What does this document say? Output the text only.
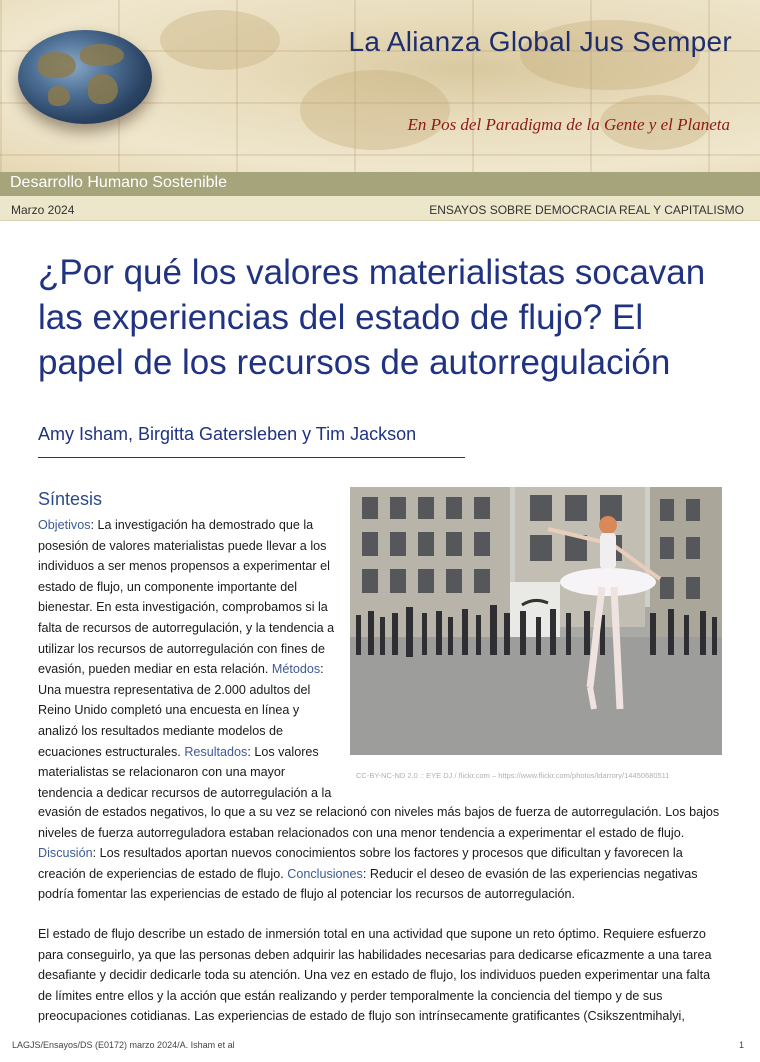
La Alianza Global Jus Semper
En Pos del Paradigma de la Gente y el Planeta
Desarrollo Humano Sostenible
Marzo 2024	ENSAYOS SOBRE DEMOCRACIA REAL Y CAPITALISMO
¿Por qué los valores materialistas socavan las experiencias del estado de flujo? El papel de los recursos de autorregulación
Amy Isham, Birgitta Gatersleben y Tim Jackson
Síntesis
Objetivos: La investigación ha demostrado que la posesión de valores materialistas puede llevar a los individuos a ser menos propensos a experimentar el estado de flujo, un componente importante del bienestar. En esta investigación, comprobamos si la falta de recursos de autorregulación, y la tendencia a utilizar los recursos de autorregulación con fines de evasión, pueden mediar en esta relación. Métodos: Una muestra representativa de 2.000 adultos del Reino Unido completó una encuesta en línea y analizó los resultados mediante modelos de ecuaciones estructurales. Resultados: Los valores materialistas se relacionaron con una mayor tendencia a dedicar recursos de autorregulación a la
CC-BY-NC-ND 2.0 :: EYE DJ / flickr.com – https://www.flickr.com/photos/ldarrory/14450680511
evasión de estados negativos, lo que a su vez se relacionó con niveles más bajos de fuerza de autorregulación. Los bajos niveles de fuerza autorreguladora estaban relacionados con una menor tendencia a experimentar el estado de flujo. Discusión: Los resultados aportan nuevos conocimientos sobre los factores y procesos que dificultan y favorecen la creación de experiencias de estado de flujo. Conclusiones: Reducir el deseo de evasión de las experiencias negativas podría fomentar las experiencias de estado de flujo al potenciar los recursos de autorregulación.
El estado de flujo describe un estado de inmersión total en una actividad que supone un reto óptimo. Requiere esfuerzo para conseguirlo, ya que las personas deben adquirir las habilidades necesarias para dedicarse eficazmente a una tarea desafiante y decidir dedicarle toda su atención. Una vez en estado de flujo, los individuos pueden experimentar una falta de límites entre ellos y la acción que están realizando y perder temporalmente la conciencia del tiempo y de sus preocupaciones cotidianas. Las experiencias de estado de flujo son intrínsecamente gratificantes (Csikszentmihalyi,
LAGJS/Ensayos/DS (E0172) marzo 2024/A. Isham et al	1
